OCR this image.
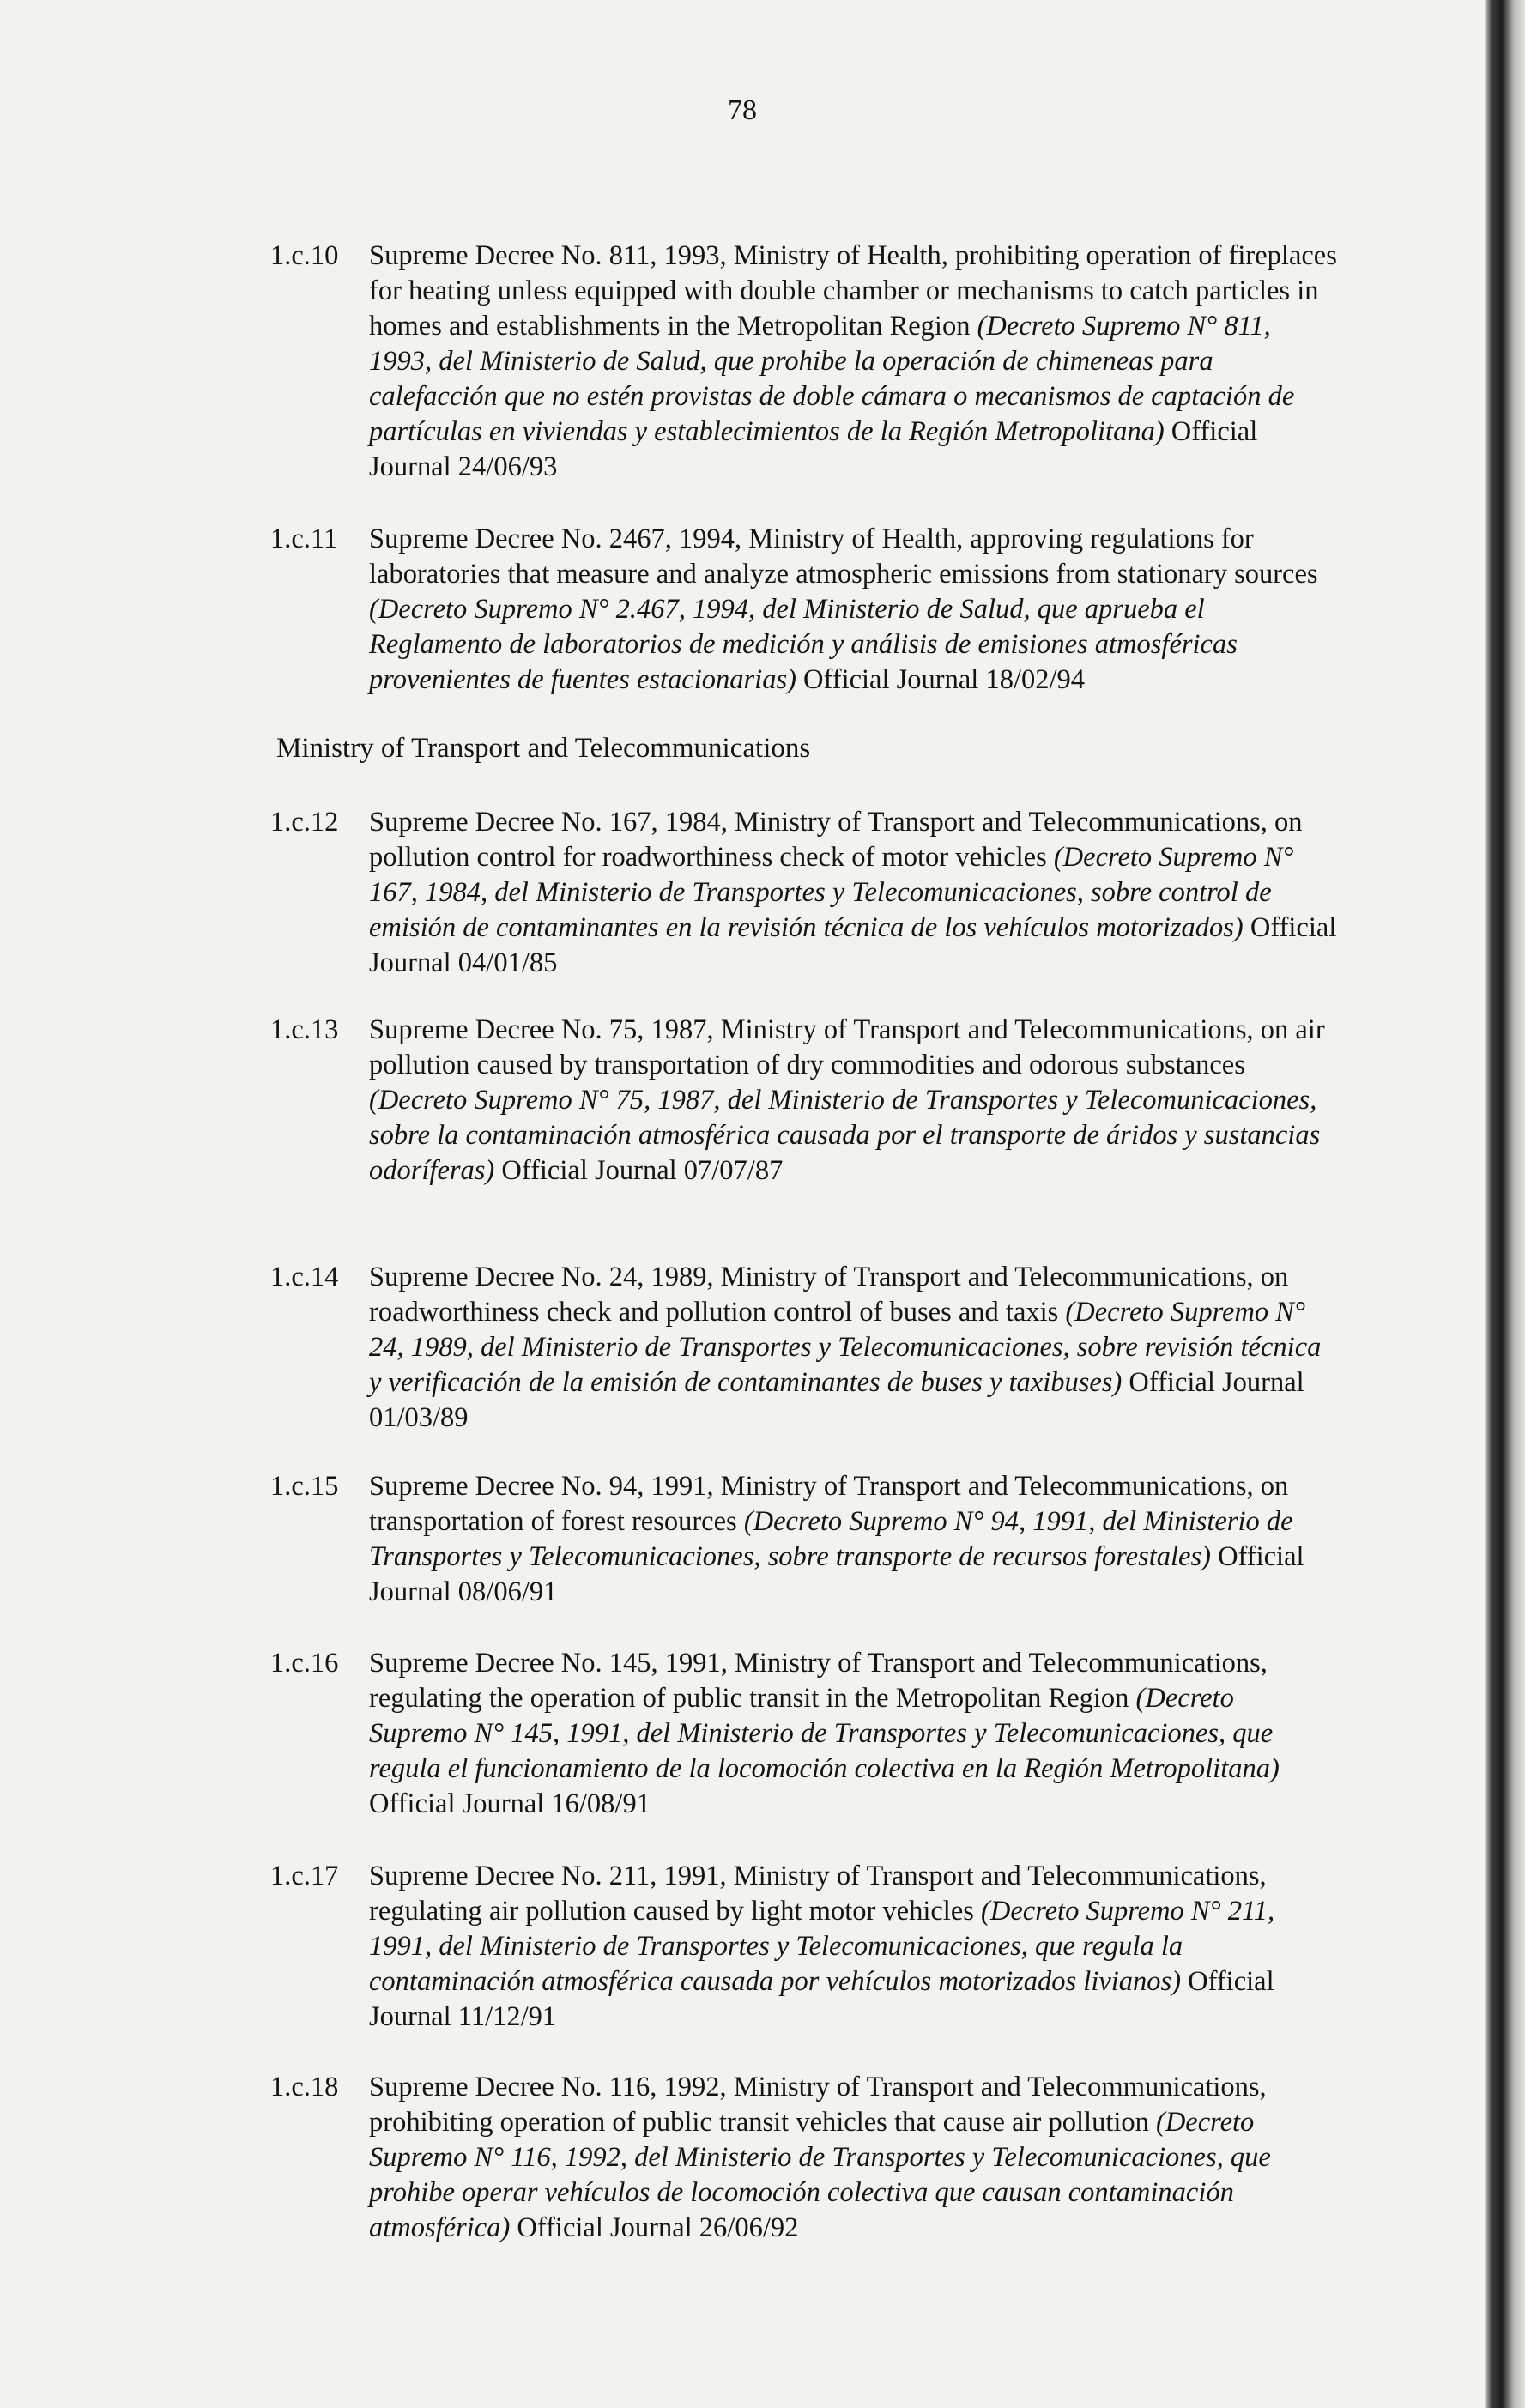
78
1.c.10 Supreme Decree No. 811, 1993, Ministry of Health, prohibiting operation of fireplaces for heating unless equipped with double chamber or mechanisms to catch particles in homes and establishments in the Metropolitan Region (Decreto Supremo N° 811, 1993, del Ministerio de Salud, que prohibe la operación de chimeneas para calefacción que no estén provistas de doble cámara o mecanismos de captación de partículas en viviendas y establecimientos de la Región Metropolitana) Official Journal 24/06/93
1.c.11 Supreme Decree No. 2467, 1994, Ministry of Health, approving regulations for laboratories that measure and analyze atmospheric emissions from stationary sources (Decreto Supremo N° 2.467, 1994, del Ministerio de Salud, que aprueba el Reglamento de laboratorios de medición y análisis de emisiones atmosféricas provenientes de fuentes estacionarias) Official Journal 18/02/94
Ministry of Transport and Telecommunications
1.c.12 Supreme Decree No. 167, 1984, Ministry of Transport and Telecommunications, on pollution control for roadworthiness check of motor vehicles (Decreto Supremo N° 167, 1984, del Ministerio de Transportes y Telecomunicaciones, sobre control de emisión de contaminantes en la revisión técnica de los vehículos motorizados) Official Journal 04/01/85
1.c.13 Supreme Decree No. 75, 1987, Ministry of Transport and Telecommunications, on air pollution caused by transportation of dry commodities and odorous substances (Decreto Supremo N° 75, 1987, del Ministerio de Transportes y Telecomunicaciones, sobre la contaminación atmosférica causada por el transporte de áridos y sustancias odoríferas) Official Journal 07/07/87
1.c.14 Supreme Decree No. 24, 1989, Ministry of Transport and Telecommunications, on roadworthiness check and pollution control of buses and taxis (Decreto Supremo N° 24, 1989, del Ministerio de Transportes y Telecomunicaciones, sobre revisión técnica y verificación de la emisión de contaminantes de buses y taxibuses) Official Journal 01/03/89
1.c.15 Supreme Decree No. 94, 1991, Ministry of Transport and Telecommunications, on transportation of forest resources (Decreto Supremo N° 94, 1991, del Ministerio de Transportes y Telecomunicaciones, sobre transporte de recursos forestales) Official Journal 08/06/91
1.c.16 Supreme Decree No. 145, 1991, Ministry of Transport and Telecommunications, regulating the operation of public transit in the Metropolitan Region (Decreto Supremo N° 145, 1991, del Ministerio de Transportes y Telecomunicaciones, que regula el funcionamiento de la locomoción colectiva en la Región Metropolitana) Official Journal 16/08/91
1.c.17 Supreme Decree No. 211, 1991, Ministry of Transport and Telecommunications, regulating air pollution caused by light motor vehicles (Decreto Supremo N° 211, 1991, del Ministerio de Transportes y Telecomunicaciones, que regula la contaminación atmosférica causada por vehículos motorizados livianos) Official Journal 11/12/91
1.c.18 Supreme Decree No. 116, 1992, Ministry of Transport and Telecommunications, prohibiting operation of public transit vehicles that cause air pollution (Decreto Supremo N° 116, 1992, del Ministerio de Transportes y Telecomunicaciones, que prohibe operar vehículos de locomoción colectiva que causan contaminación atmosférica) Official Journal 26/06/92
